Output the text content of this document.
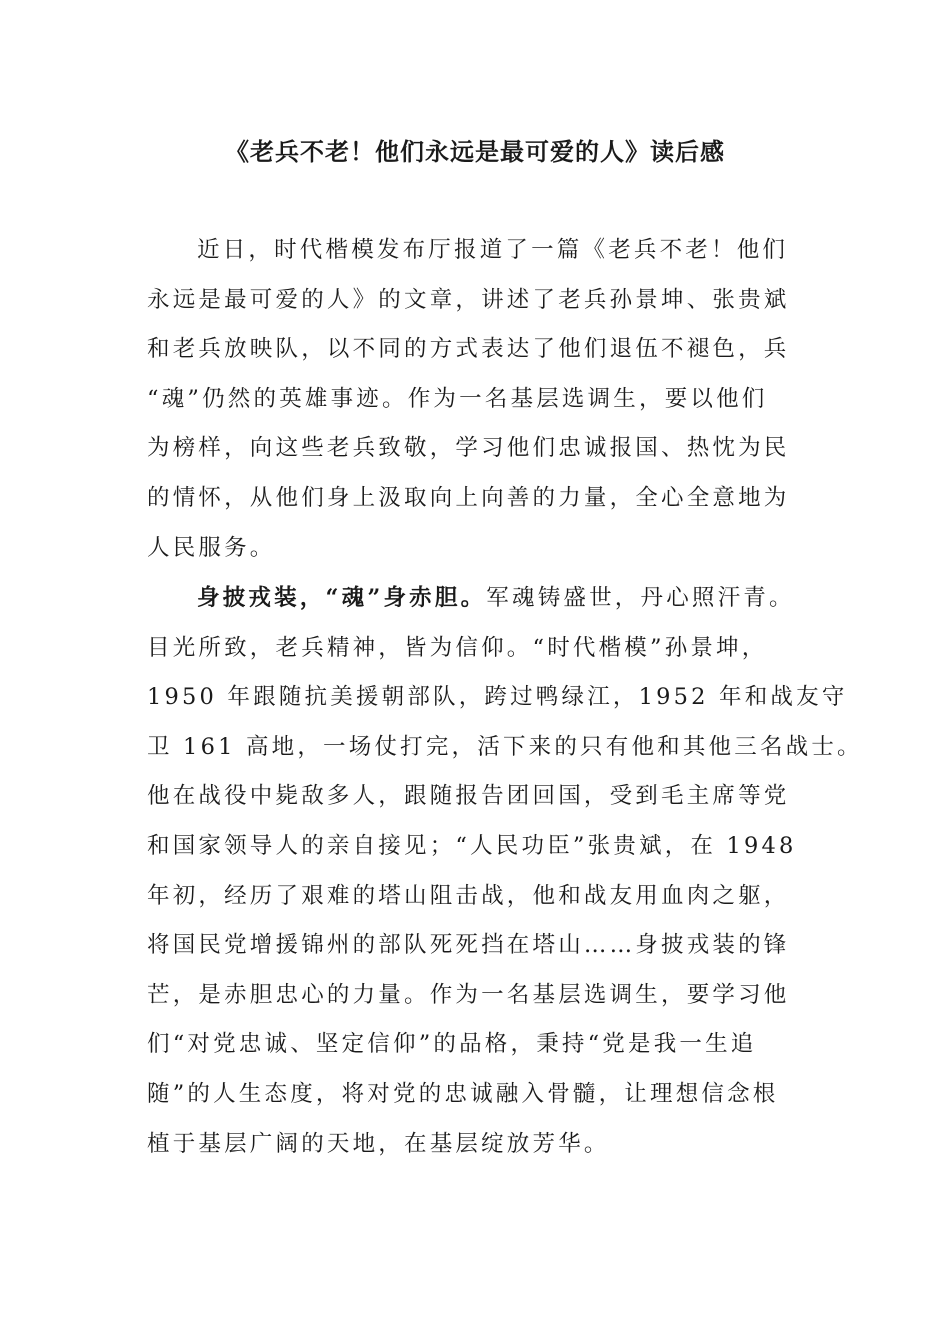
《老兵不老！他们永远是最可爱的人》读后感
近日，时代楷模发布厅报道了一篇《老兵不老！他们
永远是最可爱的人》的文章，讲述了老兵孙景坤、张贵斌
和老兵放映队，以不同的方式表达了他们退伍不褪色，兵
“魂”仍然的英雄事迹。作为一名基层选调生，要以他们
为榜样，向这些老兵致敬，学习他们忠诚报国、热忱为民
的情怀，从他们身上汲取向上向善的力量，全心全意地为
人民服务。
身披戎装，“魂”身赤胆。军魂铸盛世，丹心照汗青。
目光所致，老兵精神，皆为信仰。“时代楷模”孙景坤，
1950 年跟随抗美援朝部队，跨过鸭绿江，1952 年和战友守
卫 161 高地，一场仗打完，活下来的只有他和其他三名战士。
他在战役中毙敌多人，跟随报告团回国，受到毛主席等党
和国家领导人的亲自接见；“人民功臣”张贵斌，在 1948
年初，经历了艰难的塔山阻击战，他和战友用血肉之躯，
将国民党增援锦州的部队死死挡在塔山……身披戎装的锋
芒，是赤胆忠心的力量。作为一名基层选调生，要学习他
们“对党忠诚、坚定信仰”的品格，秉持“党是我一生追
随”的人生态度，将对党的忠诚融入骨髓，让理想信念根
植于基层广阔的天地，在基层绽放芳华。
